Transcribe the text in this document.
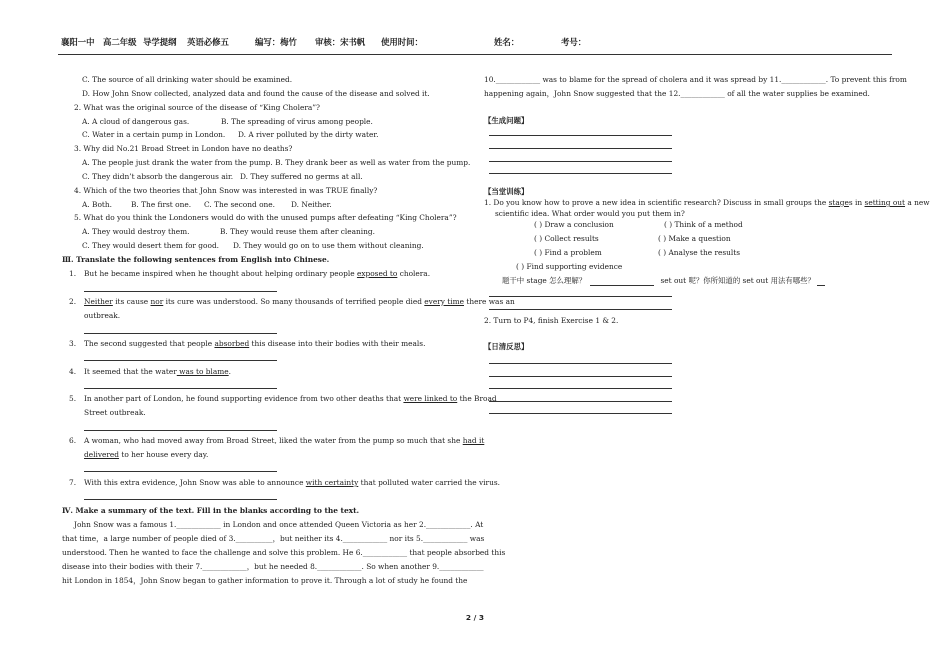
襄阳一中 高二年级 导学提纲 英语必修五	编写：梅竹 审核：宋书帆 使用时间：	姓名：	考号：
C. The source of all drinking water should be examined.
D. How John Snow collected, analyzed data and found the cause of the disease and solved it.
2. What was the original source of the disease of “King Cholera”?
A. A cloud of dangerous gas.	B. The spreading of virus among people.
C. Water in a certain pump in London. D. A river polluted by the dirty water.
3. Why did No.21 Broad Street in London have no deaths?
A. The people just drank the water from the pump. B. They drank beer as well as water from the pump.
C. They didn’t absorb the dangerous air. D. They suffered no germs at all.
4. Which of the two theories that John Snow was interested in was TRUE finally?
A. Both.	B. The first one. C. The second one. D. Neither.
5. What do you think the Londoners would do with the unused pumps after defeating “King Cholera”?
A. They would destroy them.	B. They would reuse them after cleaning.
C. They would desert them for good. D. They would go on to use them without cleaning.
Ⅲ. Translate the following sentences from English into Chinese.
1. But he became inspired when he thought about helping ordinary people exposed to cholera.
2. Neither its cause nor its cure was understood. So many thousands of terrified people died every time there was an
outbreak.
3. The second suggested that people absorbed this disease into their bodies with their meals.
4. It seemed that the water was to blame.
5. In another part of London, he found supporting evidence from two other deaths that were linked to the Broad
Street outbreak.
6. A woman, who had moved away from Broad Street, liked the water from the pump so much that she had it
delivered to her house every day.
7. With this extra evidence, John Snow was able to announce with certainty that polluted water carried the virus.
Ⅳ. Make a summary of the text. Fill in the blanks according to the text.
John Snow was a famous 1.____________ in London and once attended Queen Victoria as her 2.____________. At
that time，a large number of people died of 3.__________，but neither its 4.____________ nor its 5.____________ was
understood. Then he wanted to face the challenge and solve this problem. He 6.____________ that people absorbed this
disease into their bodies with their 7.____________，but he needed 8.____________. So when another 9.____________
hit London in 1854，John Snow began to gather information to prove it. Through a lot of study he found the
10.____________ was to blame for the spread of cholera and it was spread by 11.____________. To prevent this from
happening again，John Snow suggested that the 12.____________ of all the water supplies be examined.
【生成问题】
【当堂训练】
1. Do you know how to prove a new idea in scientific research? Discuss in small groups the stages in setting out a new
scientific idea. What order would you put them in?
( ) Draw a conclusion	( ) Think of a method
( ) Collect results	( ) Make a question
( ) Find a problem	( ) Analyse the results
( ) Find supporting evidence
题干中 stage 怎么理解？	set out 呢？你所知道的 set out 用法有哪些？
2. Turn to P4, finish Exercise 1 & 2.
【日清反思】
2 / 3
